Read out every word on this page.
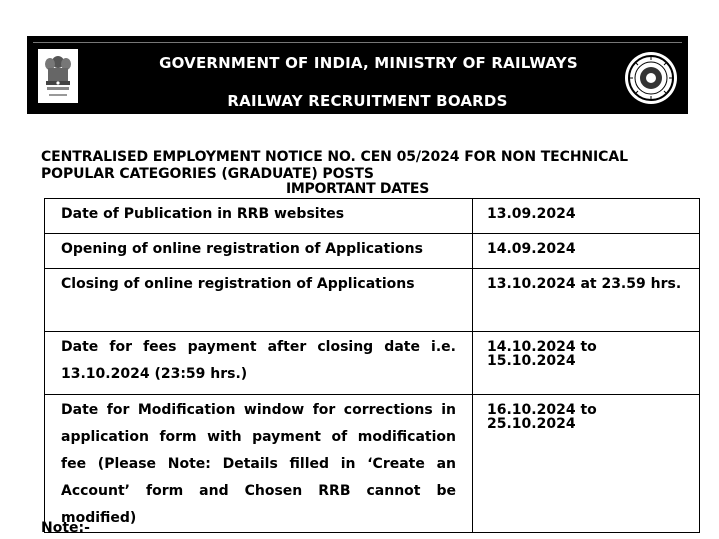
GOVERNMENT OF INDIA, MINISTRY OF RAILWAYS
RAILWAY RECRUITMENT BOARDS
CENTRALISED EMPLOYMENT NOTICE NO. CEN 05/2024 FOR NON TECHNICAL POPULAR CATEGORIES (GRADUATE) POSTS
IMPORTANT DATES
Date of Publication in RRB websites	13.09.2024

Opening of online registration of Applications	14.09.2024

Closing of online registration of Applications	13.10.2024 at 23.59 hrs.

Date for fees payment after closing date i.e. 13.10.2024 (23:59 hrs.)	14.10.2024 to 15.10.2024

Date for Modification window for corrections in application form with payment of modification fee (Please Note: Details filled in ‘Create an Account’ form and Chosen RRB cannot be modified)	16.10.2024 to 25.10.2024
Note:-
